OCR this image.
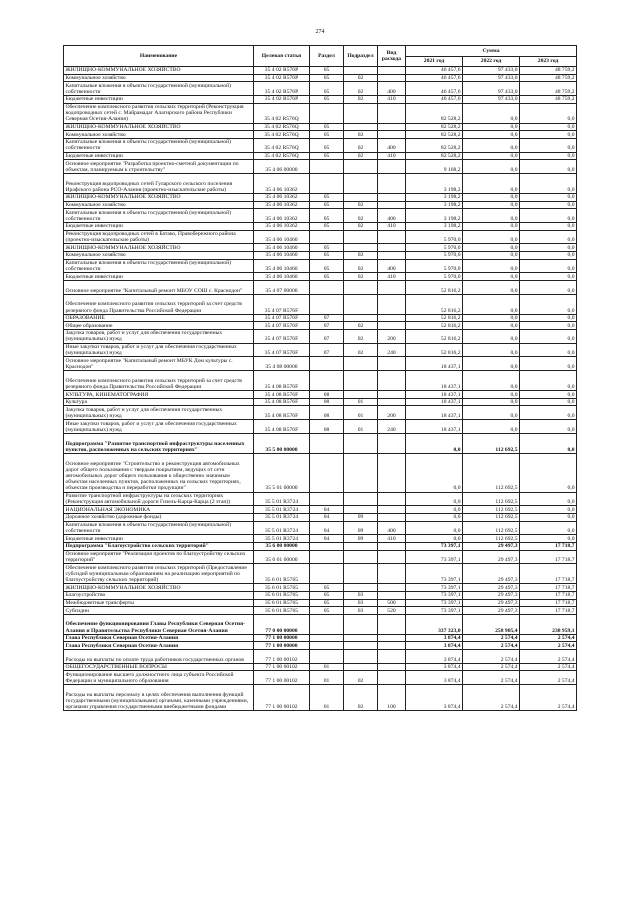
274
Наименование	Целевая статья	Раздел	Подраздел	Вид расхода	Сумма		
					2021 год	2022 год	2023 год
ЖИЛИЩНО-КОММУНАЛЬНОЕ ХОЗЯЙСТВО	35 4 02 R576P	05			46 457,6	97 433,0	48 759,2
Коммунальное хозяйство	35 4 02 R576P	05	02		46 457,6	97 433,0	48 759,2
Капитальные вложения в объекты государственной (муниципальной) собственности	35 4 02 R576P	05	02	400	46 457,6	97 433,0	48 759,2
Бюджетные инвестиции	35 4 02 R576P	05	02	410	46 457,6	97 433,0	48 759,2
Обеспечение комплексного развития сельских территорий (Реконструкция водопроводных сетей с. Майрамадаг Алагирского района Республики Северная Осетия-Алания)	35 4 02 R576Q				82 528,2	0,0	0,0
ЖИЛИЩНО-КОММУНАЛЬНОЕ ХОЗЯЙСТВО	35 4 02 R576Q	05			82 528,2	0,0	0,0
Коммунальное хозяйство	35 4 02 R576Q	05	02		82 528,2	0,0	0,0
Капитальные вложения в объекты государственной (муниципальной) собственности	35 4 02 R576Q	05	02	400	82 528,2	0,0	0,0
Бюджетные инвестиции	35 4 02 R576Q	05	02	410	82 528,2	0,0	0,0
Основное мероприятие "Разработка проектно-сметной документации по объектам, планируемым к строительству"	35 4 06 00000				9 168,2	0,0	0,0
Реконструкция водопроводных сетей Гуларского сельского поселения Ирафского района РСО-Алания (проектно-изыскательские работы)	35 4 06 10362				3 198,2	0,0	0,0
ЖИЛИЩНО-КОММУНАЛЬНОЕ ХОЗЯЙСТВО	35 4 06 10362	05			3 198,2	0,0	0,0
Коммунальное хозяйство	35 4 06 10362	05	02		3 198,2	0,0	0,0
Капитальные вложения в объекты государственной (муниципальной) собственности	35 4 06 10362	05	02	400	3 198,2	0,0	0,0
Бюджетные инвестиции	35 4 06 10362	05	02	410	3 198,2	0,0	0,0
Реконструкция водопроводных сетей в Батако, Правобережного района (проектно-изыскательские работы)	35 4 06 10460				5 970,0	0,0	0,0
ЖИЛИЩНО-КОММУНАЛЬНОЕ ХОЗЯЙСТВО	35 4 06 10460	05			5 970,0	0,0	0,0
Коммунальное хозяйство	35 4 06 10460	05	02		5 970,0	0,0	0,0
Капитальные вложения в объекты государственной (муниципальной) собственности	35 4 06 10460	05	02	400	5 970,0	0,0	0,0
Бюджетные инвестиции	35 4 06 10460	05	02	410	5 970,0	0,0	0,0
Основное мероприятие "Капитальный ремонт МБОУ СОШ с. Краснодон"	35 4 07 00000				52 816,2	0,0	0,0
Обеспечение комплексного развития сельских территорий за счет средств резервного фонда Правительства Российской Федерации	35 4 07 R576F				52 816,2	0,0	0,0
ОБРАЗОВАНИЕ	35 4 07 R576F	07			52 816,2	0,0	0,0
Общее образование	35 4 07 R576F	07	02		52 816,2	0,0	0,0
Закупка товаров, работ и услуг для обеспечения государственных (муниципальных) нужд	35 4 07 R576F	07	02	200	52 816,2	0,0	0,0
Иные закупки товаров, работ и услуг для обеспечения государственных (муниципальных) нужд	35 4 07 R576F	07	02	240	52 816,2	0,0	0,0
Основное мероприятие "Капитальный ремонт МБУК Дом культуры с. Краснодон"	35 4 08 00000				18 437,1	0,0	0,0
Обеспечение комплексного развития сельских территорий за счет средств резервного фонда Правительства Российской Федерации	35 4 08 R576F				18 437,1	0,0	0,0
КУЛЬТУРА, КИНЕМАТОГРАФИЯ	35 4 08 R576F	08			18 437,1	0,0	0,0
Культура	35 4 08 R576F	08	01		18 437,1	0,0	0,0
Закупка товаров, работ и услуг для обеспечения государственных (муниципальных) нужд	35 4 08 R576F	08	01	200	18 437,1	0,0	0,0
Иные закупки товаров, работ и услуг для обеспечения государственных (муниципальных) нужд	35 4 08 R576F	08	01	240	18 437,1	0,0	0,0
Подпрограмма "Развитие транспортной инфраструктуры населенных пунктов, расположенных на сельских территориях"	35 5 00 00000				0,0	112 692,5	0,0
Основное мероприятие "Строительство и реконструкция автомобильных дорог общего пользования с твердым покрытием, ведущих от сети автомобильных дорог общего пользования к общественно значимым объектам населенных пунктов, расположенных на сельских территориях, объектам производства и переработки продукции"	35 5 01 00000				0,0	112 692,5	0,0
Развитие транспортной инфраструктуры на сельских территориях (Реконструкция автомобильной дороги Гизель-Карца-Карца (2 этап))	35 5 01 R3724				0,0	112 692,5	0,0
НАЦИОНАЛЬНАЯ ЭКОНОМИКА	35 5 01 R3724	04			0,0	112 692,5	0,0
Дорожное хозяйство (дорожные фонды)	35 5 01 R3724	04	09		0,0	112 692,5	0,0
Капитальные вложения в объекты государственной (муниципальной) собственности	35 5 01 R3724	04	09	400	0,0	112 692,5	0,0
Бюджетные инвестиции	35 5 01 R3724	04	09	410	0,0	112 692,5	0,0
Подпрограмма "Благоустройство сельских территорий"	35 6 00 00000				73 397,1	29 497,3	17 718,7
Основное мероприятие "Реализация проектов по благоустройству сельских территорий"	35 6 01 00000				73 397,1	29 497,3	17 718,7
Обеспечение комплексного развития сельских территорий (Предоставление субсидий муниципальным образованиям на реализацию мероприятий по благоустройству сельских территорий)	35 6 01 R5765				73 397,1	29 497,3	17 718,7
ЖИЛИЩНО-КОММУНАЛЬНОЕ ХОЗЯЙСТВО	35 6 01 R5765	05			73 397,1	29 497,3	17 718,7
Благоустройство	35 6 01 R5765	05	03		73 397,1	29 497,3	17 718,7
Межбюджетные трансферты	35 6 01 R5765	05	03	500	73 397,1	29 497,3	17 718,7
Субсидии	35 6 01 R5765	05	03	520	73 397,1	29 497,3	17 718,7
Обеспечение функционирования Главы Республики Северная Осетия-Алания и Правительства Республики Северная Осетия-Алания	77 0 00 00000				337 323,0	258 905,4	238 959,1
Глава Республики Северная Осетия-Алания	77 1 00 00000				3 874,4	2 574,4	2 574,4
Глава Республики Северная Осетия-Алания	77 1 00 00000				3 874,4	2 574,4	2 574,4
Расходы на выплаты по оплате труда работников государственных органов	77 1 00 00102				3 874,4	2 574,4	2 574,4
ОБЩЕГОСУДАРСТВЕННЫЕ ВОПРОСЫ	77 1 00 00102	01			3 874,4	2 574,4	2 574,4
Функционирование высшего должностного лица субъекта Российской Федерации и муниципального образования	77 1 00 00102	01	02		3 874,4	2 574,4	2 574,4
Расходы на выплаты персоналу в целях обеспечения выполнения функций государственными (муниципальными) органами, казенными учреждениями, органами управления государственными внебюджетными фондами	77 1 00 00102	01	02	100	3 874,4	2 574,4	2 574,4
